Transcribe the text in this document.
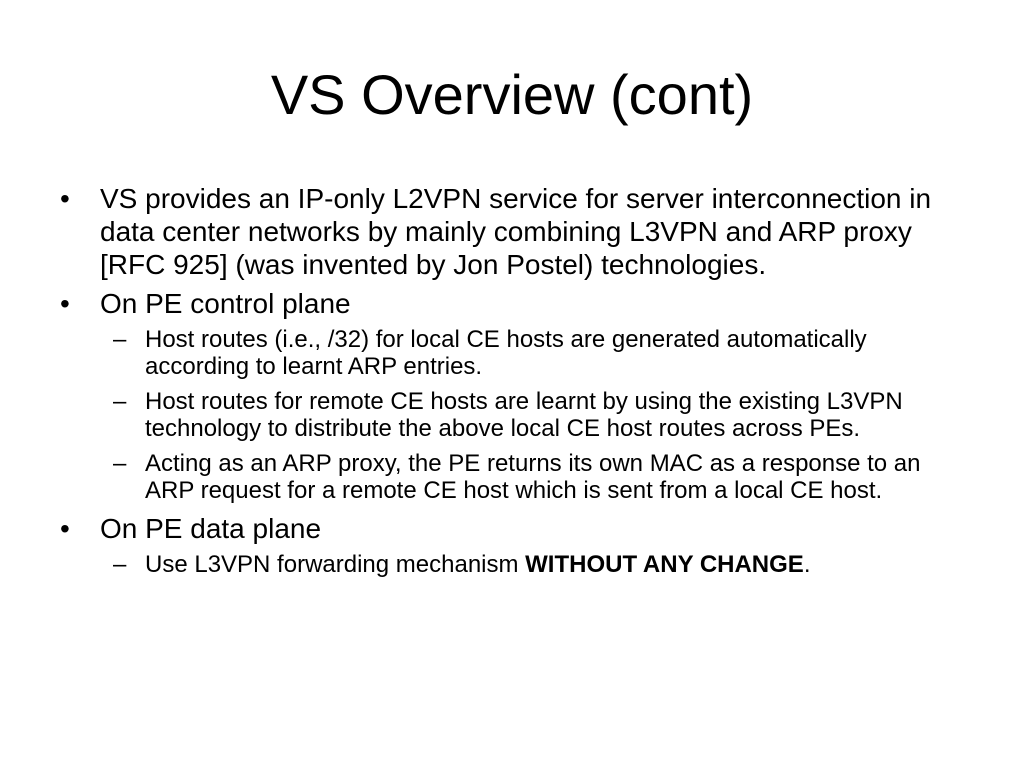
VS Overview (cont)
• VS provides an IP-only L2VPN service for server interconnection in data center networks by mainly combining L3VPN and ARP proxy [RFC 925] (was invented by Jon Postel) technologies.
• On PE control plane
– Host routes (i.e., /32) for local CE hosts are generated automatically according to learnt ARP entries.
– Host routes for remote CE hosts are learnt by using the existing L3VPN technology to distribute the above local CE host routes across PEs.
– Acting as an ARP proxy, the PE returns its own MAC as a response to an ARP request for a remote CE host which is sent from a local CE host.
• On PE data plane
– Use L3VPN forwarding mechanism WITHOUT ANY CHANGE.
